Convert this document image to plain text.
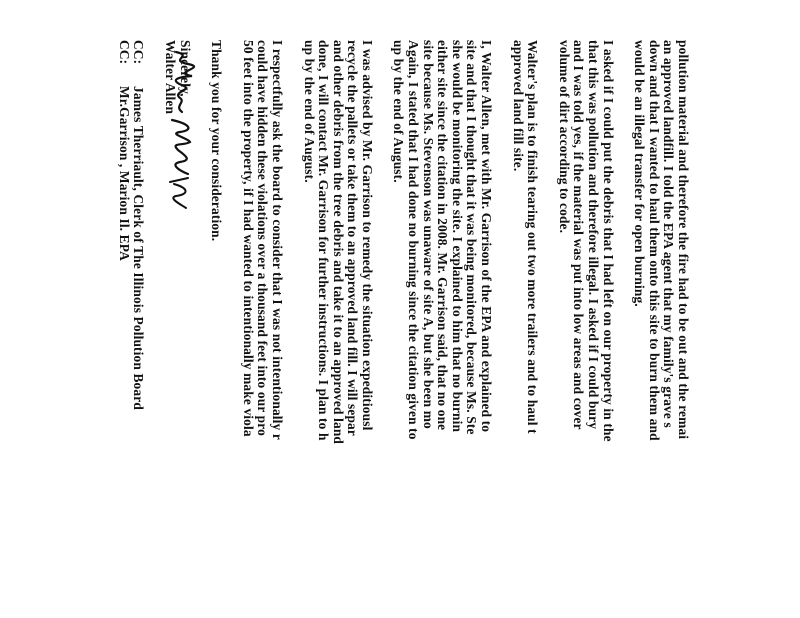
pollution material and therefore the fire had to be out and the remai
an approved landfill. I told the EPA agent that my family's grave s
down and that I wanted to haul them onto this site to burn them and
would be an illegal transfer for open burning.
I asked if I could put the debris that I had left on our property in the
that this was pollution and therefore illegal. I asked if I could bury
and I was told yes, if the material was put into low areas and cover
volume of dirt according to code.
Walter's plan is to finish tearing out two more trailers and to haul t
approved land fill site.
I, Walter Allen, met with Mr. Garrison of the EPA and explained to
site and that I thought that it was being monitored, because Ms. Ste
she would be monitoring the site. I explained to him that no burnin
either site since the citation in 2008. Mr. Garrison said, that no one
site because Ms. Stevenson was unaware of site A, but she been mo
Again, I stated that I had done no burning since the citation given to
up by the end of August.
I was advised by Mr. Garrison to remedy the situation expeditiousl
recycle the pallets or take them to an approved land fill. I will separ
and other debris from the tree debris and take it to an approved land
done, I will contact Mr. Garrison for further instructions. I plan to h
up by the end of August.
I respectfully ask the board to consider that I was not intentionally r
could have hidden these violations over a thousand feet into our pro
50 feet into the property, if I had wanted to intentionally make viola
Thank you for your consideration.
Sincerely,
Walter Allen
CC:James Therriault, Clerk of The Illinois Pollution Board
CC:Mr.Garrison , Marion Il. EPA
